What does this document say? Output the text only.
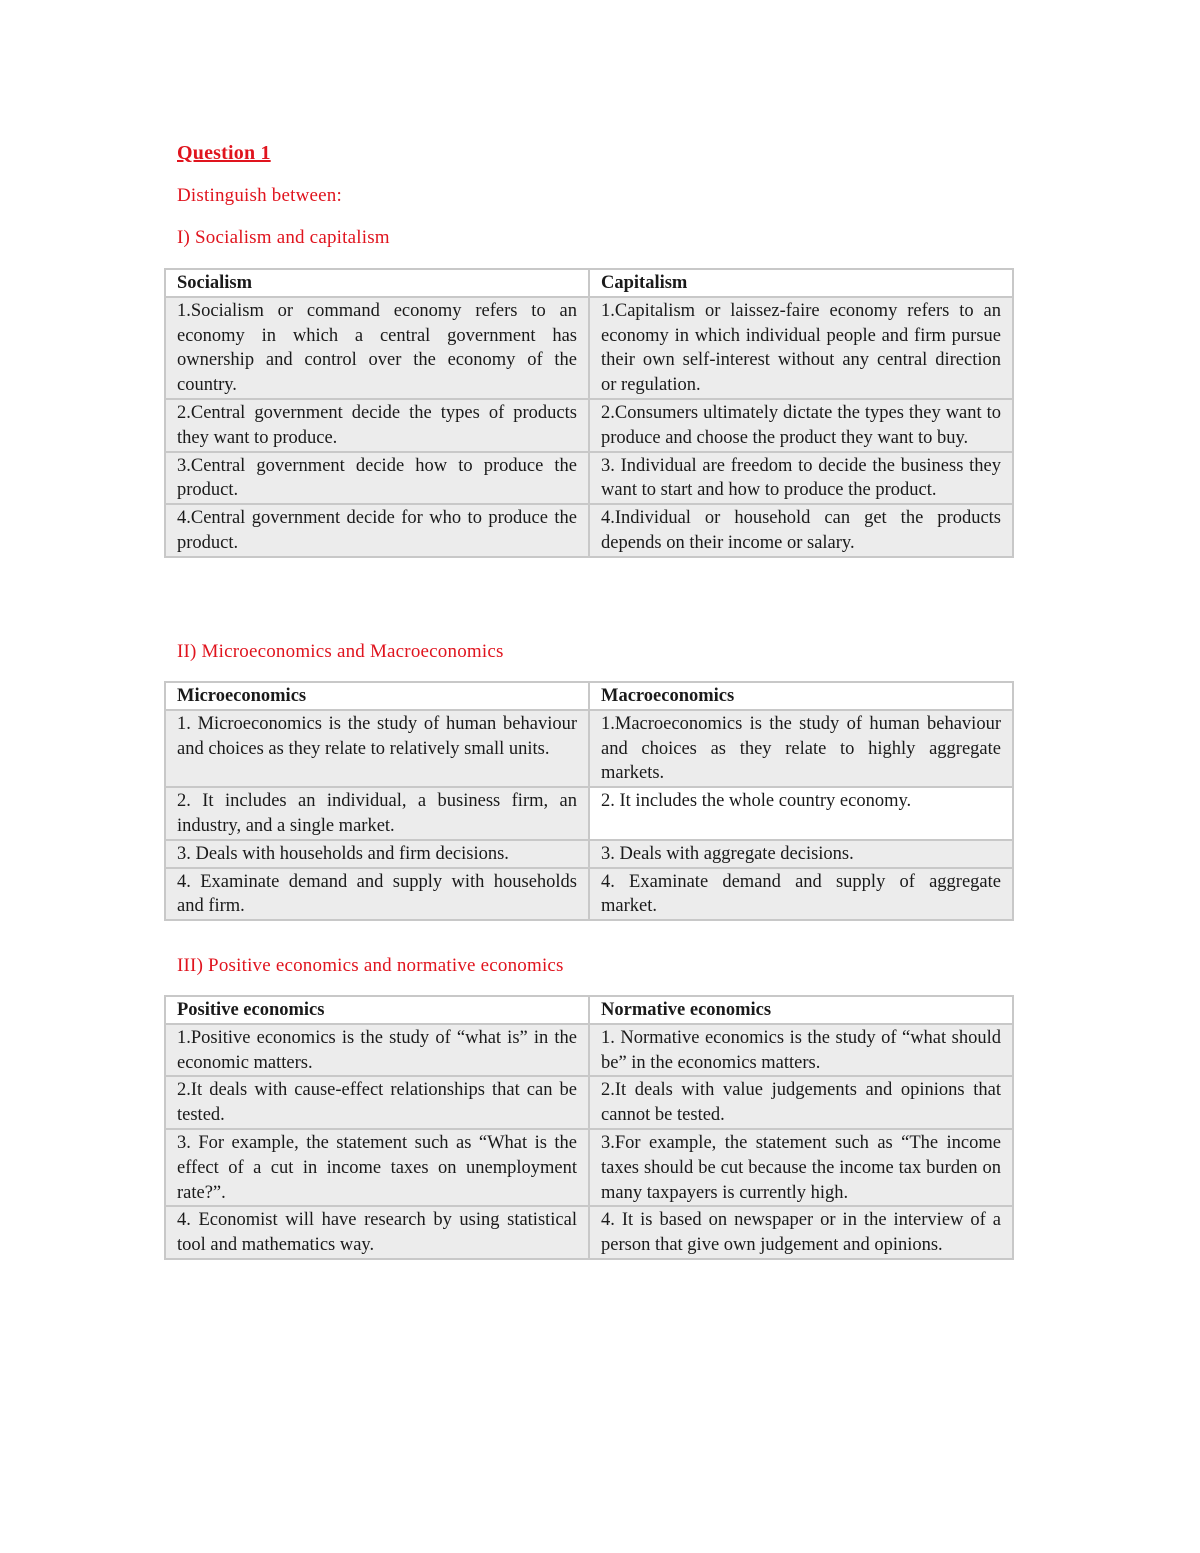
Question 1
Distinguish between:
I) Socialism and capitalism
Socialism	Capitalism
1.Socialism or command economy refers to an economy in which a central government has ownership and control over the economy of the country.	1.Capitalism or laissez-faire economy refers to an economy in which individual people and firm pursue their own self-interest without any central direction or regulation.
2.Central government decide the types of products they want to produce.	2.Consumers ultimately dictate the types they want to produce and choose the product they want to buy.
3.Central government decide how to produce the product.	3. Individual are freedom to decide the business they want to start and how to produce the product.
4.Central government decide for who to produce the product.	4.Individual or household can get the products depends on their income or salary.
II) Microeconomics and Macroeconomics
Microeconomics	Macroeconomics
1. Microeconomics is the study of human behaviour and choices as they relate to relatively small units.	1.Macroeconomics is the study of human behaviour and choices as they relate to highly aggregate markets.
2. It includes an individual, a business firm, an industry, and a single market.	2. It includes the whole country economy.
3. Deals with households and firm decisions.	3. Deals with aggregate decisions.
4. Examinate demand and supply with households and firm.	4. Examinate demand and supply of aggregate market.
III) Positive economics and normative economics
Positive economics	Normative economics
1.Positive economics is the study of “what is” in the economic matters.	1. Normative economics is the study of “what should be” in the economics matters.
2.It deals with cause-effect relationships that can be tested.	2.It deals with value judgements and opinions that cannot be tested.
3. For example, the statement such as “What is the effect of a cut in income taxes on unemployment rate?”.	3.For example, the statement such as “The income taxes should be cut because the income tax burden on many taxpayers is currently high.
4. Economist will have research by using statistical tool and mathematics way.	4. It is based on newspaper or in the interview of a person that give own judgement and opinions.
